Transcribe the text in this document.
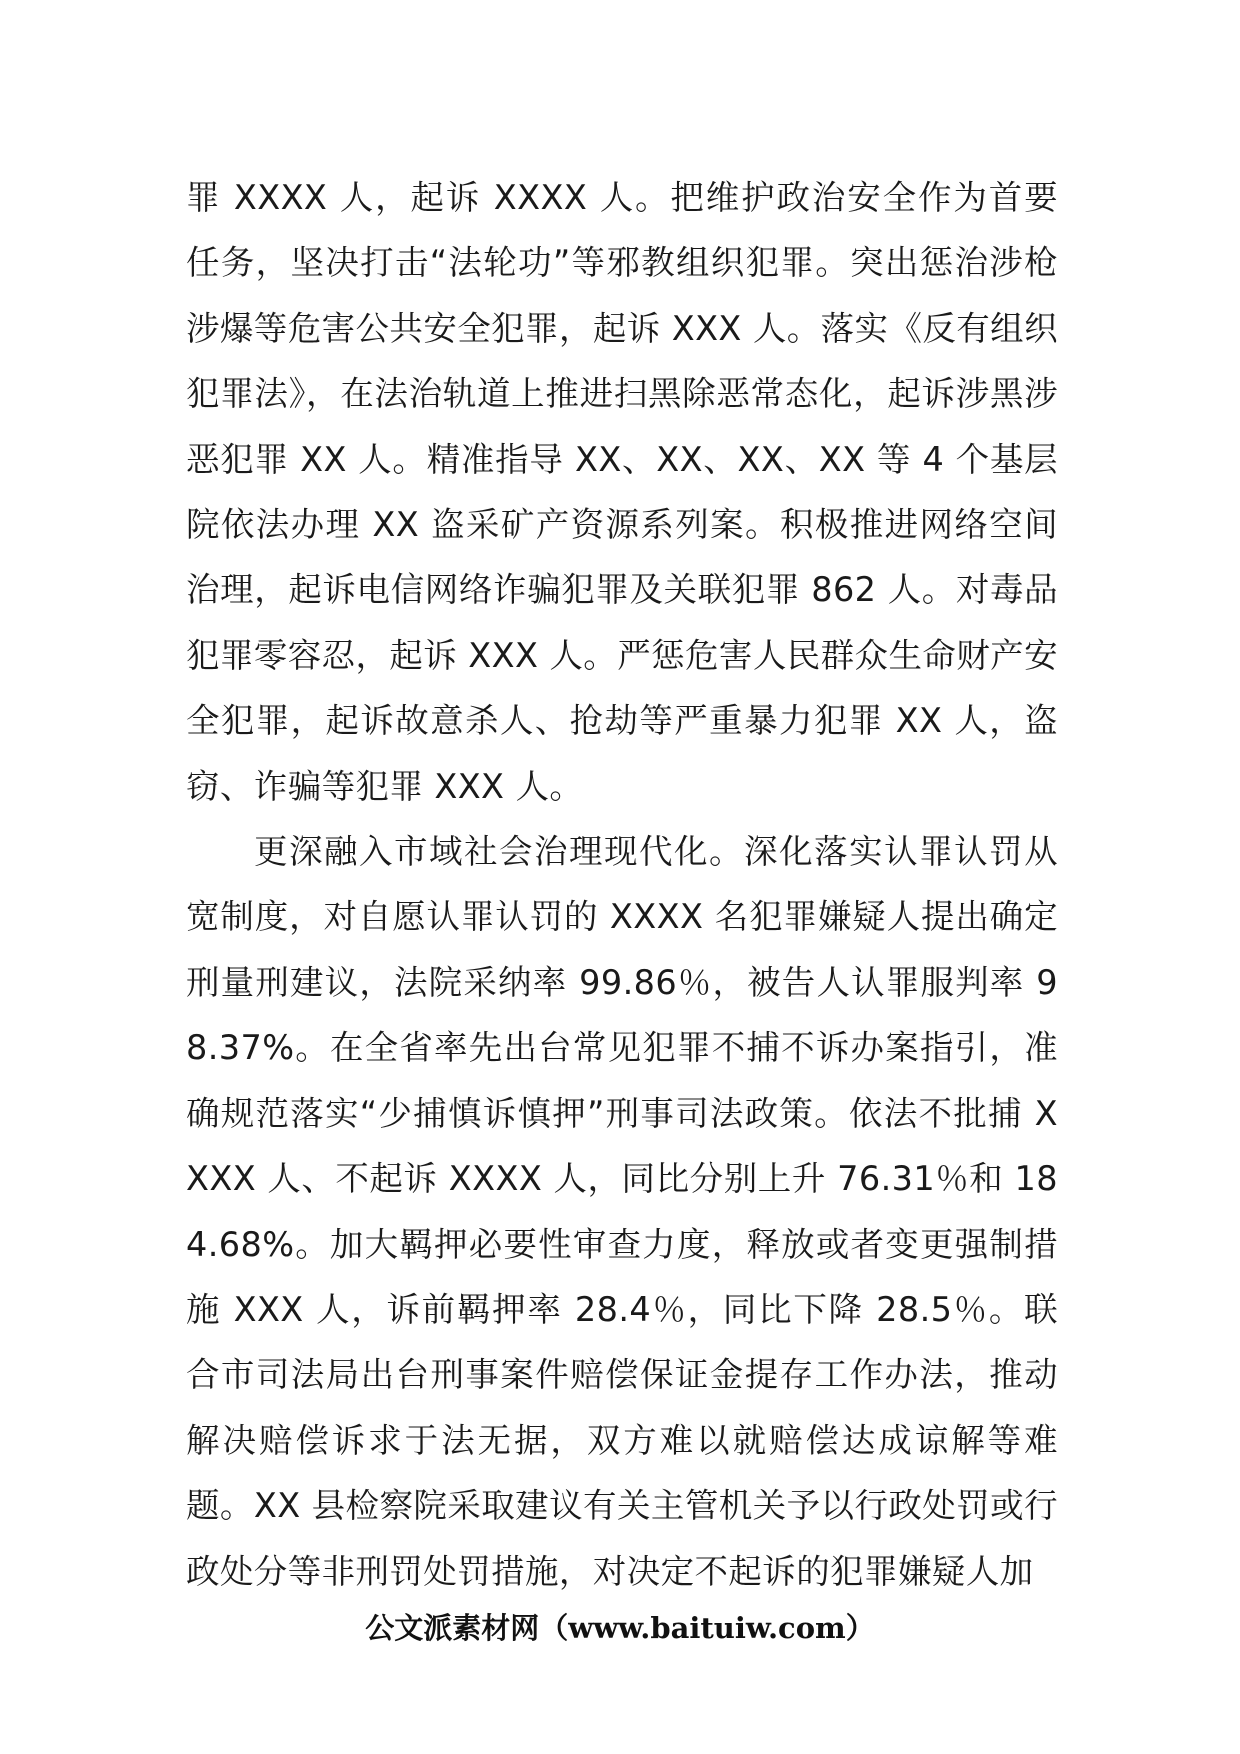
罪 XXXX 人，起诉 XXXX 人。把维护政治安全作为首要任务，坚决打击“法轮功”等邪教组织犯罪。突出惩治涉枪涉爆等危害公共安全犯罪，起诉 XXX 人。落实《反有组织犯罪法》，在法治轨道上推进扫黑除恶常态化，起诉涉黑涉恶犯罪 XX 人。精准指导 XX、XX、XX、XX 等 4 个基层院依法办理 XX 盗采矿产资源系列案。积极推进网络空间治理，起诉电信网络诈骗犯罪及关联犯罪 862 人。对毒品犯罪零容忍，起诉 XXX 人。严惩危害人民群众生命财产安全犯罪，起诉故意杀人、抢劫等严重暴力犯罪 XX 人，盗窃、诈骗等犯罪 XXX 人。

更深融入市域社会治理现代化。深化落实认罪认罚从宽制度，对自愿认罪认罚的 XXXX 名犯罪嫌疑人提出确定刑量刑建议，法院采纳率 99.86％，被告人认罪服判率 98.37%。在全省率先出台常见犯罪不捕不诉办案指引，准确规范落实“少捕慎诉慎押”刑事司法政策。依法不批捕 XXXX 人、不起诉 XXXX 人，同比分别上升 76.31％和 184.68%。加大羁押必要性审查力度，释放或者变更强制措施 XXX 人，诉前羁押率 28.4％，同比下降 28.5％。联合市司法局出台刑事案件赔偿保证金提存工作办法，推动解决赔偿诉求于法无据，双方难以就赔偿达成谅解等难题。XX 县检察院采取建议有关主管机关予以行政处罚或行政处分等非刑罚处罚措施，对决定不起诉的犯罪嫌疑人加

公文派素材网（www.baituiw.com）
